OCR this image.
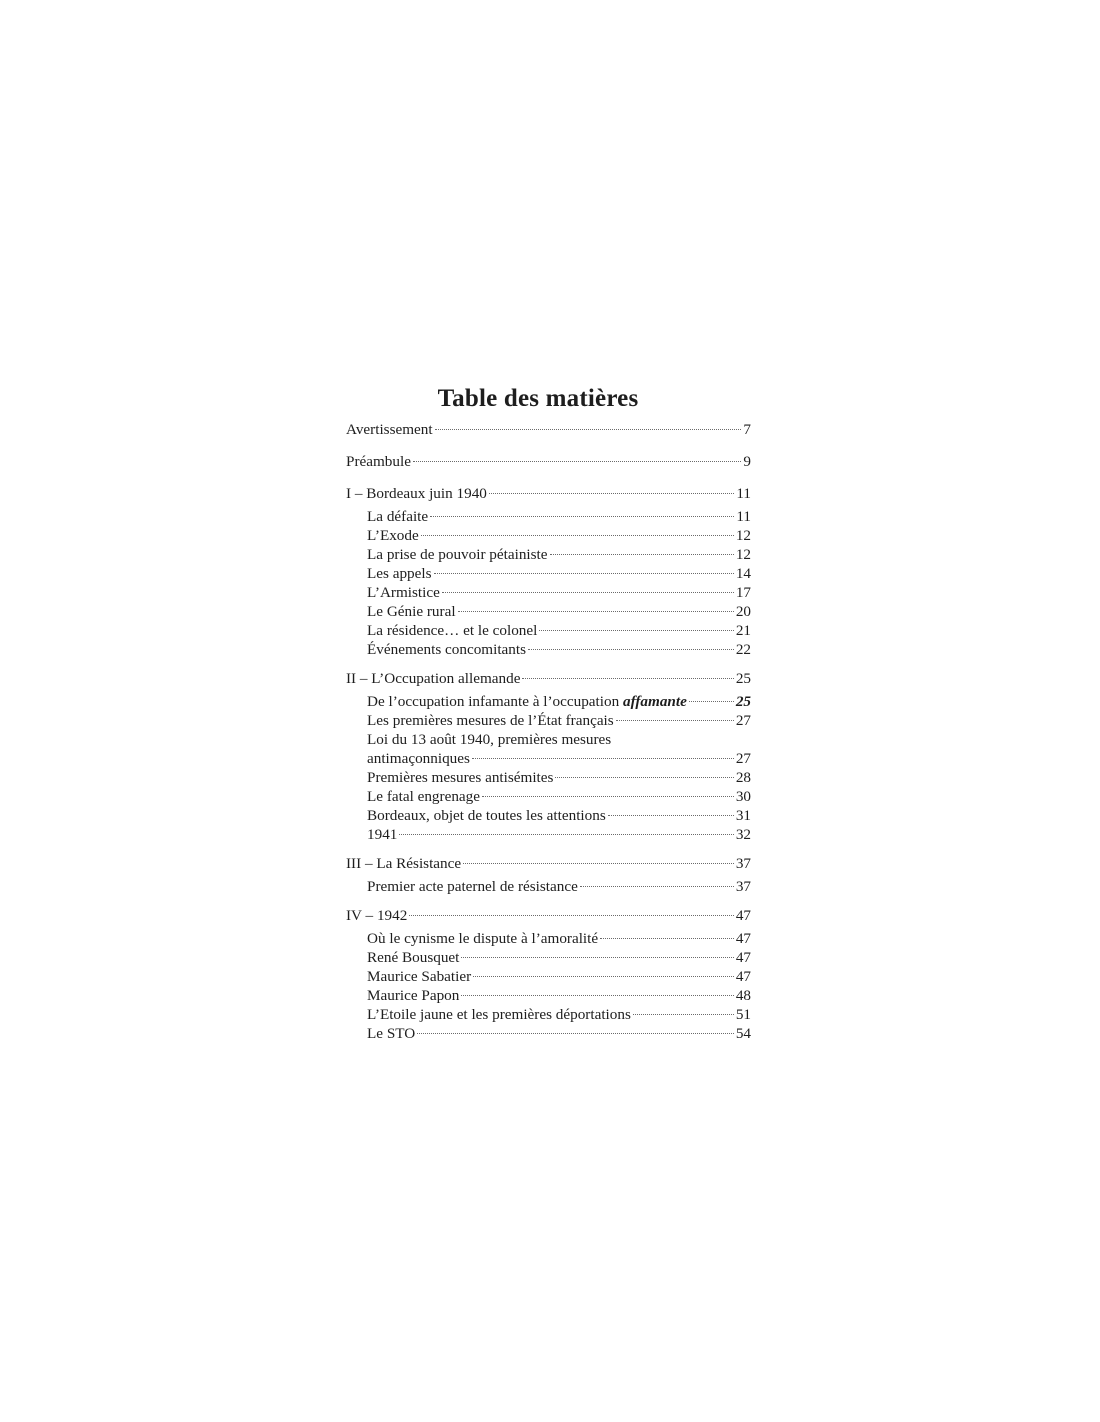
Table des matières
Avertissement	7
Préambule	9
I – Bordeaux juin 1940	11
La défaite	11
L’Exode	12
La prise de pouvoir pétainiste	12
Les appels	14
L’Armistice	17
Le Génie rural	20
La résidence… et le colonel	21
Événements concomitants	22
II – L’Occupation allemande	25
De l’occupation infamante à l’occupation affamante	25
Les premières mesures de l’État français	27
Loi du 13 août 1940, premières mesures
antimaçonniques	27
Premières mesures antisémites	28
Le fatal engrenage	30
Bordeaux, objet de toutes les attentions	31
1941	32
III – La Résistance	37
Premier acte paternel de résistance	37
IV – 1942	47
Où le cynisme le dispute à l’amoralité	47
René Bousquet	47
Maurice Sabatier	47
Maurice Papon	48
L’Etoile jaune et les premières déportations	51
Le STO	54
